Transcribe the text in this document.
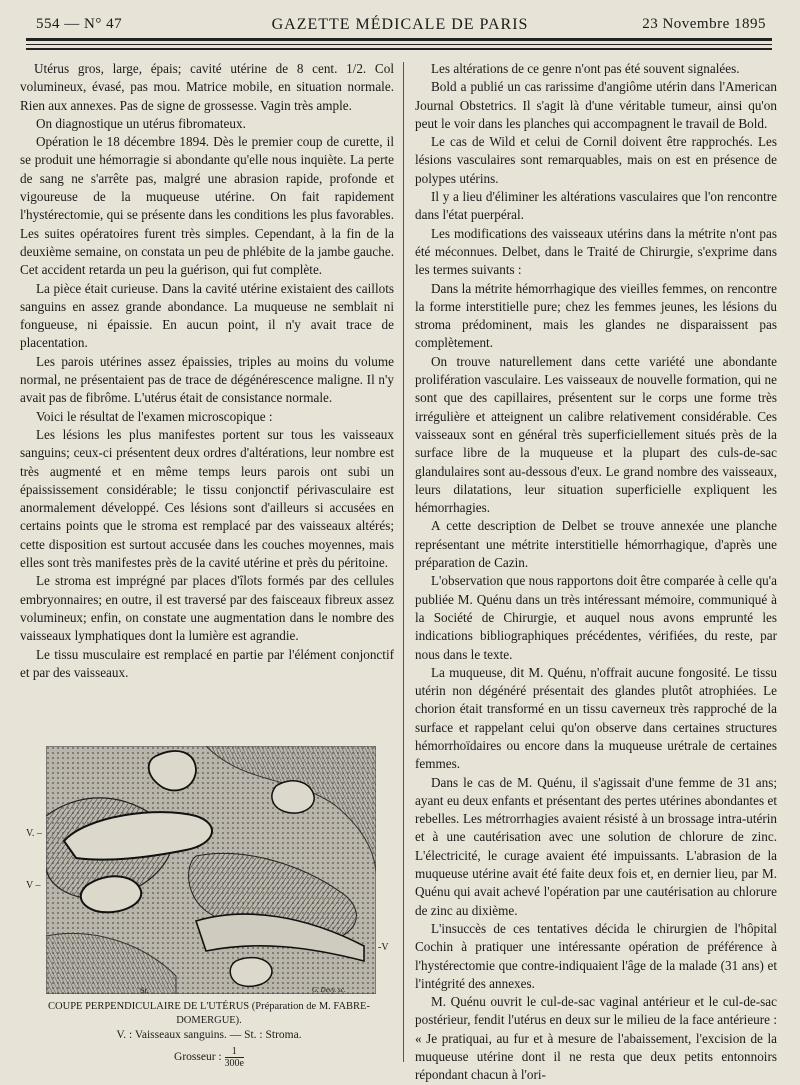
554 — N° 47	GAZETTE MÉDICALE DE PARIS	23 Novembre 1895

Utérus gros, large, épais; cavité utérine de 8 cent. 1/2. Col volumineux, évasé, pas mou. Matrice mobile, en situation normale. Rien aux annexes. Pas de signe de grossesse. Vagin très ample.

On diagnostique un utérus fibromateux.

Opération le 18 décembre 1894. Dès le premier coup de curette, il se produit une hémorragie si abondante qu'elle nous inquiète. La perte de sang ne s'arrête pas, malgré une abrasion rapide, profonde et vigoureuse de la muqueuse utérine. On fait rapidement l'hystérectomie, qui se présente dans les conditions les plus favorables. Les suites opératoires furent très simples. Cependant, à la fin de la deuxième semaine, on constata un peu de phlébite de la jambe gauche. Cet accident retarda un peu la guérison, qui fut complète.

La pièce était curieuse. Dans la cavité utérine existaient des caillots sanguins en assez grande abondance. La muqueuse ne semblait ni fongueuse, ni épaissie. En aucun point, il n'y avait trace de placentation.

Les parois utérines assez épaissies, triples au moins du volume normal, ne présentaient pas de trace de dégénérescence maligne. Il n'y avait pas de fibrôme. L'utérus était de consistance normale.

Voici le résultat de l'examen microscopique :

Les lésions les plus manifestes portent sur tous les vaisseaux sanguins; ceux-ci présentent deux ordres d'altérations, leur nombre est très augmenté et en même temps leurs parois ont subi un épaississement considérable; le tissu conjonctif périvasculaire est anormalement développé. Ces lésions sont d'ailleurs si accusées en certains points que le stroma est remplacé par des vaisseaux altérés; cette disposition est surtout accusée dans les couches moyennes, mais elles sont très manifestes près de la cavité utérine et près du péritoine.

Le stroma est imprégné par places d'îlots formés par des cellules embryonnaires; en outre, il est traversé par des faisceaux fibreux assez volumineux; enfin, on constate une augmentation dans le nombre des vaisseaux lymphatiques dont la lumière est agrandie.

Le tissu musculaire est remplacé en partie par l'élément conjonctif et par des vaisseaux.

Les altérations de ce genre n'ont pas été souvent signalées.

Bold a publié un cas rarissime d'angiôme utérin dans l'American Journal Obstetrics. Il s'agit là d'une véritable tumeur, ainsi qu'on peut le voir dans les planches qui accompagnent le travail de Bold.

Le cas de Wild et celui de Cornil doivent être rapprochés. Les lésions vasculaires sont remarquables, mais on est en présence de polypes utérins.

Il y a lieu d'éliminer les altérations vasculaires que l'on rencontre dans l'état puerpéral.

Les modifications des vaisseaux utérins dans la métrite n'ont pas été méconnues. Delbet, dans le Traité de Chirurgie, s'exprime dans les termes suivants :

Dans la métrite hémorrhagique des vieilles femmes, on rencontre la forme interstitielle pure; chez les femmes jeunes, les lésions du stroma prédominent, mais les glandes ne disparaissent pas complètement.

On trouve naturellement dans cette variété une abondante prolifération vasculaire. Les vaisseaux de nouvelle formation, qui ne sont que des capillaires, présentent sur le corps une forme très irrégulière et atteignent un calibre relativement considérable. Ces vaisseaux sont en général très superficiellement situés près de la surface libre de la muqueuse et la plupart des culs-de-sac glandulaires sont au-dessous d'eux. Le grand nombre des vaisseaux, leurs dilatations, leur situation superficielle expliquent les hémorrhagies.

A cette description de Delbet se trouve annexée une planche représentant une métrite interstitielle hémorrhagique, d'après une préparation de Cazin.

L'observation que nous rapportons doit être comparée à celle qu'a publiée M. Quénu dans un très intéressant mémoire, communiqué à la Société de Chirurgie, et auquel nous avons emprunté les indications bibliographiques précédentes, vérifiées, du reste, par nous dans le texte.

La muqueuse, dit M. Quénu, n'offrait aucune fongosité. Le tissu utérin non dégénéré présentait des glandes plutôt atrophiées. Le chorion était transformé en un tissu caverneux très rapproché de la surface et rappelant celui qu'on observe dans certaines structures hémorrhoïdaires ou encore dans la muqueuse urétrale de certaines femmes.

Dans le cas de M. Quénu, il s'agissait d'une femme de 31 ans; ayant eu deux enfants et présentant des pertes utérines abondantes et rebelles. Les métrorrhagies avaient résisté à un brossage intra-utérin et à une cautérisation avec une solution de chlorure de zinc. L'électricité, le curage avaient été impuissants. L'abrasion de la muqueuse utérine avait été faite deux fois et, en dernier lieu, par M. Quénu qui avait achevé l'opération par une cautérisation au chlorure de zinc au dixième.

L'insuccès de ces tentatives décida le chirurgien de l'hôpital Cochin à pratiquer une intéressante opération de préférence à l'hystérectomie que contre-indiquaient l'âge de la malade (31 ans) et l'intégrité des annexes.

M. Quénu ouvrit le cul-de-sac vaginal antérieur et le cul-de-sac postérieur, fendit l'utérus en deux sur le milieu de la face antérieure : « Je pratiquai, au fur et à mesure de l'abaissement, l'excision de la muqueuse utérine dont il ne resta que deux petits entonnoirs répondant chacun à l'ori-

V. –
V –
-V
St.	G. Devy. sc.
COUPE PERPENDICULAIRE DE L'UTÉRUS (Préparation de M. FABRE-DOMERGUE).
V. : Vaisseaux sanguins. — St. : Stroma.
Grosseur : $\frac{1}{300e}$
